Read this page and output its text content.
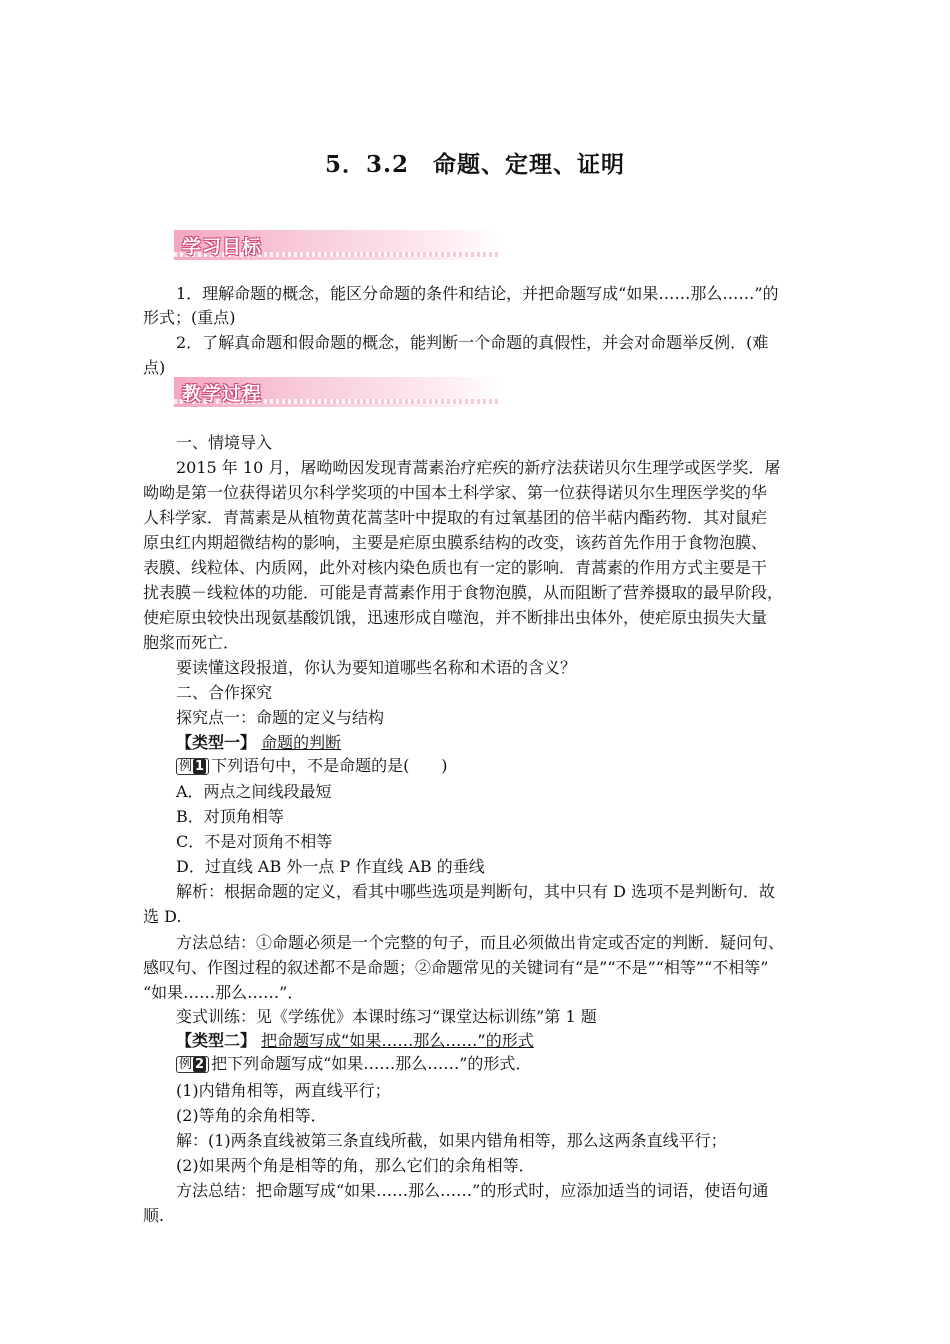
5．3.2　命题、定理、证明
学习目标
1．理解命题的概念，能区分命题的条件和结论，并把命题写成“如果……那么……”的
形式；(重点)
2．了解真命题和假命题的概念，能判断一个命题的真假性，并会对命题举反例．(难
点)
教学过程
一、情境导入
2015 年 10 月，屠呦呦因发现青蒿素治疗疟疾的新疗法获诺贝尔生理学或医学奖．屠
呦呦是第一位获得诺贝尔科学奖项的中国本土科学家、第一位获得诺贝尔生理医学奖的华
人科学家．青蒿素是从植物黄花蒿茎叶中提取的有过氧基团的倍半萜内酯药物．其对鼠疟
原虫红内期超微结构的影响，主要是疟原虫膜系结构的改变，该药首先作用于食物泡膜、
表膜、线粒体、内质网，此外对核内染色质也有一定的影响．青蒿素的作用方式主要是干
扰表膜－线粒体的功能．可能是青蒿素作用于食物泡膜，从而阻断了营养摄取的最早阶段，
使疟原虫较快出现氨基酸饥饿，迅速形成自噬泡，并不断排出虫体外，使疟原虫损失大量
胞浆而死亡．
要读懂这段报道，你认为要知道哪些名称和术语的含义？
二、合作探究
探究点一：命题的定义与结构
【类型一】 命题的判断
例 1 下列语句中，不是命题的是(　　)
A．两点之间线段最短
B．对顶角相等
C．不是对顶角不相等
D．过直线 AB 外一点 P 作直线 AB 的垂线
解析：根据命题的定义，看其中哪些选项是判断句，其中只有 D 选项不是判断句．故
选 D.
方法总结：①命题必须是一个完整的句子，而且必须做出肯定或否定的判断．疑问句、
感叹句、作图过程的叙述都不是命题；②命题常见的关键词有“是”“不是”“相等”“不相等”
“如果……那么……”．
变式训练：见《学练优》本课时练习“课堂达标训练”第 1 题
【类型二】 把命题写成“如果……那么……”的形式
例 2 把下列命题写成“如果……那么……”的形式．
(1)内错角相等，两直线平行；
(2)等角的余角相等．
解：(1)两条直线被第三条直线所截，如果内错角相等，那么这两条直线平行；
(2)如果两个角是相等的角，那么它们的余角相等．
方法总结：把命题写成“如果……那么……”的形式时，应添加适当的词语，使语句通
顺.
